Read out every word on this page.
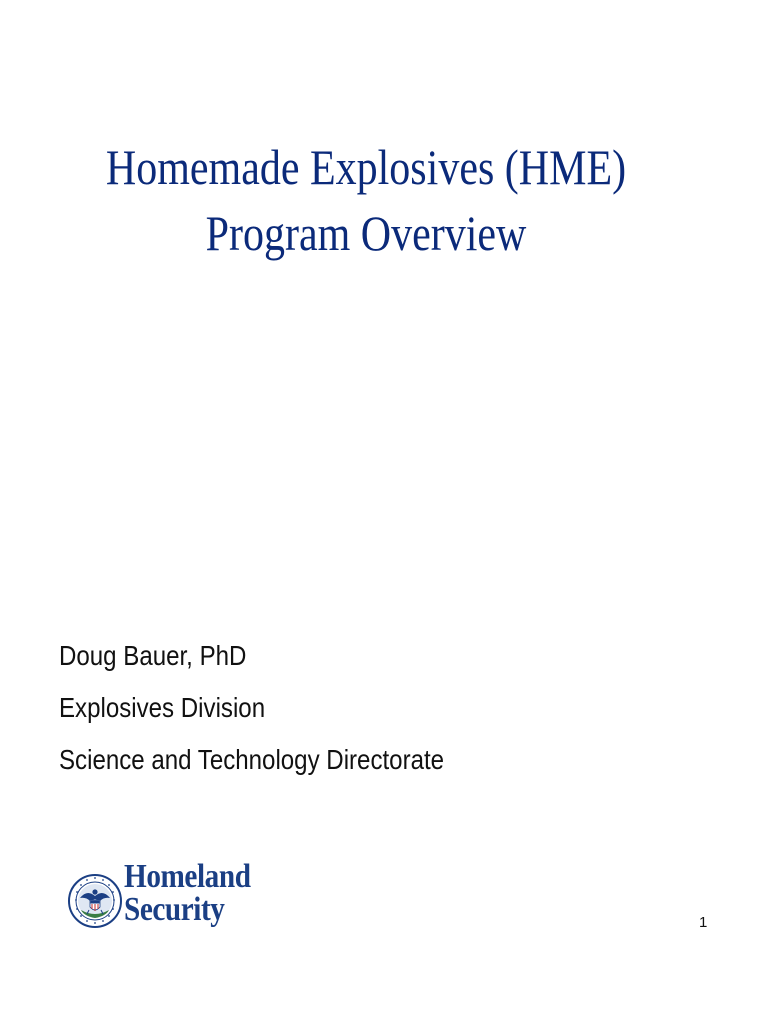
Homemade Explosives (HME)
Program Overview
Doug Bauer, PhD
Explosives Division
Science and Technology Directorate
Homeland
Security	1
